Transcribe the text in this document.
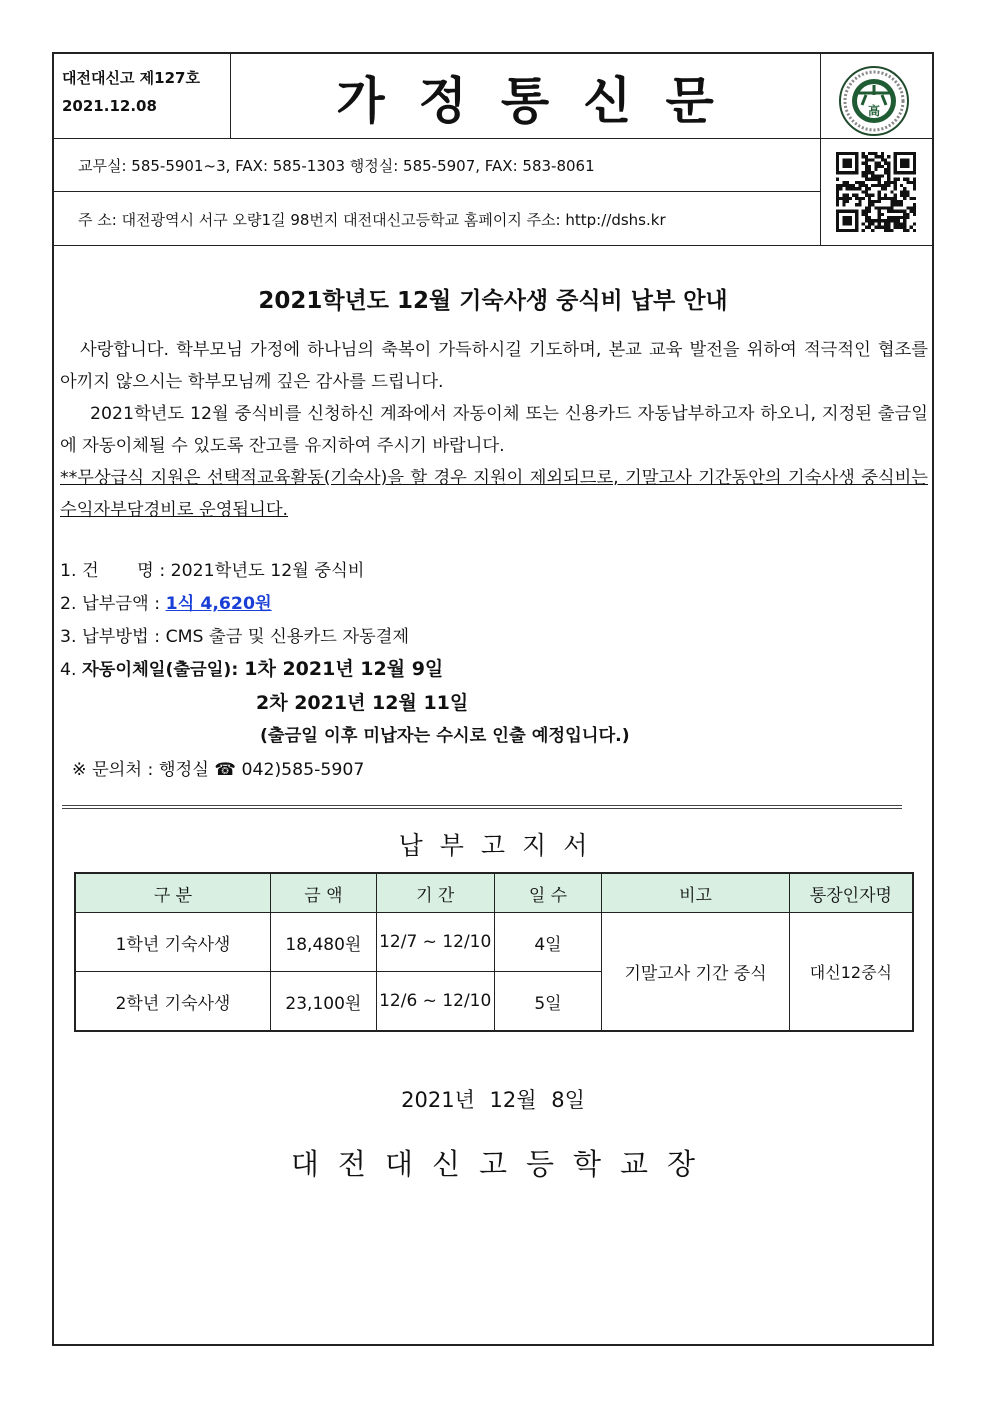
대전대신고 제127호
2021.12.08	가정통신문	高
교무실: 585-5901~3, FAX: 585-1303 행정실: 585-5907, FAX: 583-8061
주 소: 대전광역시 서구 오량1길 98번지 대전대신고등학교 홈페이지 주소: http://dshs.kr
2021학년도 12월 기숙사생 중식비 납부 안내

사랑합니다. 학부모님 가정에 하나님의 축복이 가득하시길 기도하며, 본교 교육 발전을 위하여 적극적인 협조를 아끼지 않으시는 학부모님께 깊은 감사를 드립니다.

2021학년도 12월 중식비를 신청하신 계좌에서 자동이체 또는 신용카드 자동납부하고자 하오니, 지정된 출금일에 자동이체될 수 있도록 잔고를 유지하여 주시기 바랍니다.

**무상급식 지원은 선택적교육활동(기숙사)을 할 경우 지원이 제외되므로, 기말고사 기간동안의 기숙사생 중식비는 수익자부담경비로 운영됩니다.

1. 건       명 : 2021학년도 12월 중식비
2. 납부금액 : 1식 4,620원
3. 납부방법 : CMS 출금 및 신용카드 자동결제
4. 자동이체일(출금일): 1차 2021년 12월 9일
2차 2021년 12월 11일
(출금일 이후 미납자는 수시로 인출 예정입니다.)
※ 문의처 : 행정실 ☎ 042)585-5907
납부고지서
구 분	금 액	기 간	일 수	비고	통장인자명
1학년 기숙사생	18,480원	12/7 ~ 12/10	4일	기말고사 기간 중식	대신12중식
2학년 기숙사생	23,100원	12/6 ~ 12/10	5일		
2021년 12월 8일
대전대신고등학교장
